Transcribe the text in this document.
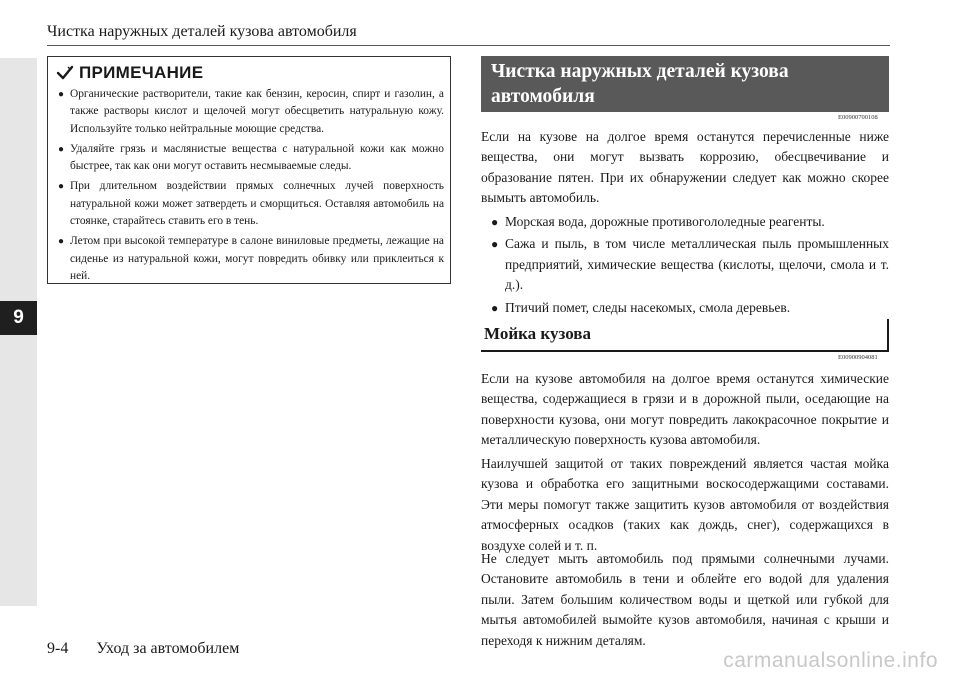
9
Чистка наружных деталей кузова автомобиля
ПРИМЕЧАНИЕ
● Органические растворители, такие как бензин, керосин, спирт и газолин, а также растворы кислот и щелочей могут обесцветить натуральную кожу. Используйте только нейтральные моющие средства.
● Удаляйте грязь и маслянистые вещества с натуральной кожи как можно быстрее, так как они могут оставить несмываемые следы.
● При длительном воздействии прямых солнечных лучей поверхность натуральной кожи может затвердеть и сморщиться. Оставляя автомобиль на стоянке, старайтесь ставить его в тень.
● Летом при высокой температуре в салоне виниловые предметы, лежащие на сиденье из натуральной кожи, могут повредить обивку или приклеиться к ней.
Чистка наружных деталей кузова автомобиля
E00900700108

Если на кузове на долгое время останутся перечисленные ниже вещества, они могут вызвать коррозию, обесцвечивание и образование пятен. При их обнаружении следует как можно скорее вымыть автомобиль.

● Морская вода, дорожные противогололедные реагенты.
● Сажа и пыль, в том числе металлическая пыль промышленных предприятий, химические вещества (кислоты, щелочи, смола и т. д.).
● Птичий помет, следы насекомых, смола деревьев.
Мойка кузова
E00900904081

Если на кузове автомобиля на долгое время останутся химические вещества, содержащиеся в грязи и в дорожной пыли, оседающие на поверхности кузова, они могут повредить лакокрасочное покрытие и металлическую поверхность кузова автомобиля.

Наилучшей защитой от таких повреждений является частая мойка кузова и обработка его защитными воскосодержащими составами. Эти меры помогут также защитить кузов автомобиля от воздействия атмосферных осадков (таких как дождь, снег), содержащихся в воздухе солей и т. п.

Не следует мыть автомобиль под прямыми солнечными лучами. Остановите автомобиль в тени и облейте его водой для удаления пыли. Затем большим количеством воды и щеткой или губкой для мытья автомобилей вымойте кузов автомобиля, начиная с крыши и переходя к нижним деталям.

9-4 Уход за автомобилем
carmanualsonline.info
